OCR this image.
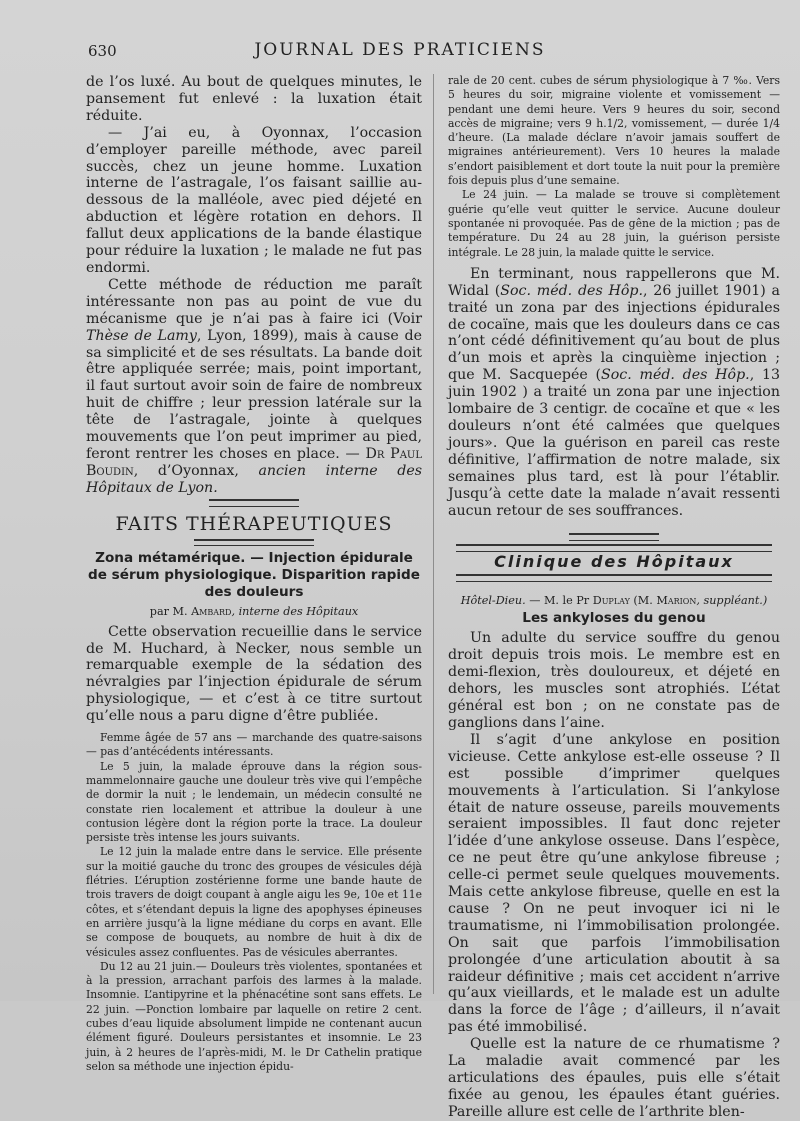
630	JOURNAL DES PRATICIENS

de l’os luxé. Au bout de quelques minutes, le pansement fut enlevé : la luxation était réduite.

— J’ai eu, à Oyonnax, l’occasion d’employer pareille méthode, avec pareil succès, chez un jeune homme. Luxation interne de l’astragale, l’os faisant saillie au-dessous de la malléole, avec pied déjeté en abduction et légère rotation en dehors. Il fallut deux applications de la bande élastique pour réduire la luxation ; le malade ne fut pas endormi.

Cette méthode de réduction me paraît intéressante non pas au point de vue du mécanisme que je n’ai pas à faire ici (Voir Thèse de Lamy, Lyon, 1899), mais à cause de sa simplicité et de ses résultats. La bande doit être appliquée serrée; mais, point important, il faut surtout avoir soin de faire de nombreux huit de chiffre ; leur pression latérale sur la tête de l’astragale, jointe à quelques mouvements que l’on peut imprimer au pied, feront rentrer les choses en place. — Dr Paul Boudin, d’Oyonnax, ancien interne des Hôpitaux de Lyon.

FAITS THÉRAPEUTIQUES
Zona métamérique. — Injection épidurale de sérum physiologique. Disparition rapide des douleurs
par M. Ambard, interne des Hôpitaux

Cette observation recueillie dans le service de M. Huchard, à Necker, nous semble un remarquable exemple de la sédation des névralgies par l’injection épidurale de sérum physiologique, — et c’est à ce titre surtout qu’elle nous a paru digne d’être publiée.

Femme âgée de 57 ans — marchande des quatre-saisons — pas d’antécédents intéressants.

Le 5 juin, la malade éprouve dans la région sous-mammelonnaire gauche une douleur très vive qui l’empêche de dormir la nuit ; le lendemain, un médecin consulté ne constate rien localement et attribue la douleur à une contusion légère dont la région porte la trace. La douleur persiste très intense les jours suivants.

Le 12 juin la malade entre dans le service. Elle présente sur la moitié gauche du tronc des groupes de vésicules déjà flétries. L’éruption zostérienne forme une bande haute de trois travers de doigt coupant à angle aigu les 9e, 10e et 11e côtes, et s’étendant depuis la ligne des apophyses épineuses en arrière jusqu’à la ligne médiane du corps en avant. Elle se compose de bouquets, au nombre de huit à dix de vésicules assez confluentes. Pas de vésicules aberrantes.

Du 12 au 21 juin.— Douleurs très violentes, spontanées et à la pression, arrachant parfois des larmes à la malade. Insomnie. L’antipyrine et la phénacétine sont sans effets. Le 22 juin. —Ponction lombaire par laquelle on retire 2 cent. cubes d’eau liquide absolument limpide ne contenant aucun élément figuré. Douleurs persistantes et insomnie. Le 23 juin, à 2 heures de l’après-midi, M. le Dr Cathelin pratique selon sa méthode une injection épidu-

rale de 20 cent. cubes de sérum physiologique à 7 ‰. Vers 5 heures du soir, migraine violente et vomissement — pendant une demi heure. Vers 9 heures du soir, second accès de migraine; vers 9 h.1/2, vomissement, — durée 1/4 d’heure. (La malade déclare n’avoir jamais souffert de migraines antérieurement). Vers 10 heures la malade s’endort paisiblement et dort toute la nuit pour la première fois depuis plus d’une semaine.

Le 24 juin. — La malade se trouve si complètement guérie qu’elle veut quitter le service. Aucune douleur spontanée ni provoquée. Pas de gêne de la miction ; pas de température. Du 24 au 28 juin, la guérison persiste intégrale. Le 28 juin, la malade quitte le service.

En terminant, nous rappellerons que M. Widal (Soc. méd. des Hôp., 26 juillet 1901) a traité un zona par des injections épidurales de cocaïne, mais que les douleurs dans ce cas n’ont cédé définitivement qu’au bout de plus d’un mois et après la cinquième injection ; que M. Sacquepée (Soc. méd. des Hôp., 13 juin 1902 ) a traité un zona par une injection lombaire de 3 centigr. de cocaïne et que « les douleurs n’ont été calmées que quelques jours». Que la guérison en pareil cas reste définitive, l’affirmation de notre malade, six semaines plus tard, est là pour l’établir. Jusqu’à cette date la malade n’avait ressenti aucun retour de ses souffrances.

Clinique des Hôpitaux
Hôtel-Dieu. — M. le Pr Duplay (M. Marion, suppléant.)
Les ankyloses du genou

Un adulte du service souffre du genou droit depuis trois mois. Le membre est en demi-flexion, très douloureux, et déjeté en dehors, les muscles sont atrophiés. L’état général est bon ; on ne constate pas de ganglions dans l’aine.

Il s’agit d’une ankylose en position vicieuse. Cette ankylose est-elle osseuse ? Il est possible d’imprimer quelques mouvements à l’articulation. Si l’ankylose était de nature osseuse, pareils mouvements seraient impossibles. Il faut donc rejeter l’idée d’une ankylose osseuse. Dans l’espèce, ce ne peut être qu’une ankylose fibreuse ; celle-ci permet seule quelques mouvements. Mais cette ankylose fibreuse, quelle en est la cause ? On ne peut invoquer ici ni le traumatisme, ni l’immobilisation prolongée. On sait que parfois l’immobilisation prolongée d’une articulation aboutit à sa raideur définitive ; mais cet accident n’arrive qu’aux vieillards, et le malade est un adulte dans la force de l’âge ; d’ailleurs, il n’avait pas été immobilisé.

Quelle est la nature de ce rhumatisme ? La maladie avait commencé par les articulations des épaules, puis elle s’était fixée au genou, les épaules étant guéries. Pareille allure est celle de l’arthrite blen-
